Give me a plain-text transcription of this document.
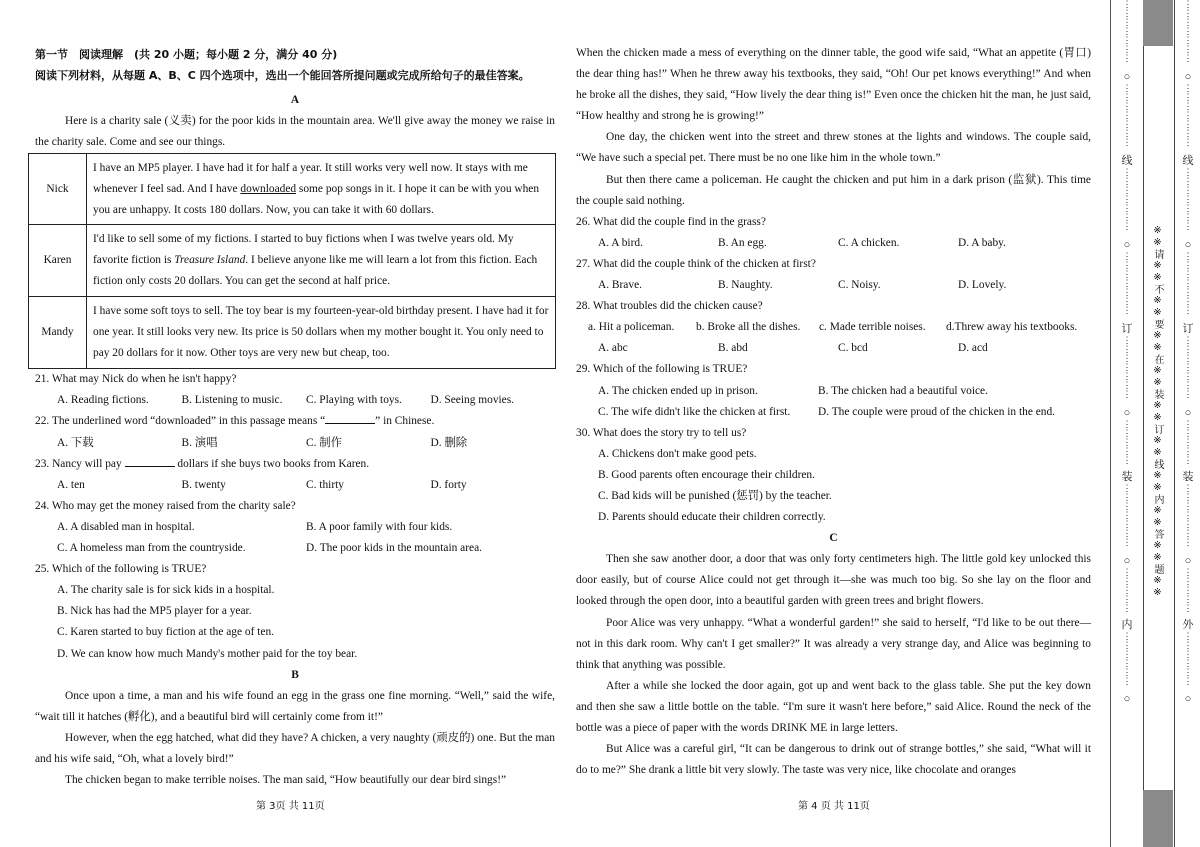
第一节　阅读理解　(共 20 小题；每小题 2 分，满分 40 分)
阅读下列材料，从每题 A、B、C 四个选项中，选出一个能回答所提问题或完成所给句子的最佳答案。

A

Here is a charity sale (义卖) for the poor kids in the mountain area. We'll give away the money we raise in the charity sale. Come and see our things.

Nick	I have an MP5 player. I have had it for half a year. It still works very well now. It stays with me whenever I feel sad. And I have downloaded some pop songs in it. I hope it can be with you when you are unhappy. It costs 180 dollars. Now, you can take it with 60 dollars.
Karen	I'd like to sell some of my fictions. I started to buy fictions when I was twelve years old. My favorite fiction is Treasure Island. I believe anyone like me will learn a lot from this fiction. Each fiction only costs 20 dollars. You can get the second at half price.
Mandy	I have some soft toys to sell. The toy bear is my fourteen-year-old birthday present. I have had it for one year. It still looks very new. Its price is 50 dollars when my mother bought it. You only need to pay 20 dollars for it now. Other toys are very new but cheap, too.

21. What may Nick do when he isn't happy?

A. Reading fictions.	B. Listening to music.	C. Playing with toys.	D. Seeing movies.

22. The underlined word “downloaded” in this passage means “	” in Chinese.

A. 下载	B. 演唱	C. 制作	D. 删除

23. Nancy will pay	dollars if she buys two books from Karen.

A. ten	B. twenty	C. thirty	D. forty

24. Who may get the money raised from the charity sale?

A. A disabled man in hospital.	B. A poor family with four kids.
C. A homeless man from the countryside.	D. The poor kids in the mountain area.

25. Which of the following is TRUE?

A. The charity sale is for sick kids in a hospital.
B. Nick has had the MP5 player for a year.
C. Karen started to buy fiction at the age of ten.
D. We can know how much Mandy's mother paid for the toy bear.

B

Once upon a time, a man and his wife found an egg in the grass one fine morning. “Well,” said the wife, “wait till it hatches (孵化), and a beautiful bird will certainly come from it!”

However, when the egg hatched, what did they have? A chicken, a very naughty (顽皮的) one. But the man and his wife said, “Oh, what a lovely bird!”

The chicken began to make terrible noises. The man said, “How beautifully our dear bird sings!”

When the chicken made a mess of everything on the dinner table, the good wife said, “What an appetite (胃口) the dear thing has!” When he threw away his textbooks, they said, “Oh! Our pet knows everything!” And when he broke all the dishes, they said, “How lively the dear thing is!” Even once the chicken hit the man, he just said, “How healthy and strong he is growing!”

One day, the chicken went into the street and threw stones at the lights and windows. The couple said, “We have such a special pet. There must be no one like him in the whole town.”

But then there came a policeman. He caught the chicken and put him in a dark prison (监狱). This time the couple said nothing.

26. What did the couple find in the grass?

A. A bird.	B. An egg.	C. A chicken.	D. A baby.

27. What did the couple think of the chicken at first?

A. Brave.	B. Naughty.	C. Noisy.	D. Lovely.

28. What troubles did the chicken cause?

a. Hit a policeman.	b. Broke all the dishes.	c. Made terrible noises.	d.Threw away his textbooks.
A. abc	B. abd	C. bcd	D. acd

29. Which of the following is TRUE?

A. The chicken ended up in prison.	B. The chicken had a beautiful voice.
C. The wife didn't like the chicken at first.	D. The couple were proud of the chicken in the end.

30. What does the story try to tell us?

A. Chickens don't make good pets.
B. Good parents often encourage their children.
C. Bad kids will be punished (惩罚) by the teacher.
D. Parents should educate their children correctly.

C

Then she saw another door, a door that was only forty centimeters high. The little gold key unlocked this door easily, but of course Alice could not get through it—she was much too big. So she lay on the floor and looked through the open door, into a beautiful garden with green trees and bright flowers.

Poor Alice was very unhappy. “What a wonderful garden!” she said to herself, “I'd like to be out there—not in this dark room. Why can't I get smaller?” It was already a very strange day, and Alice was beginning to think that anything was possible.

After a while she locked the door again, got up and went back to the glass table. She put the key down and then she saw a little bottle on the table. “I'm sure it wasn't here before,” said Alice. Round the neck of the bottle was a piece of paper with the words DRINK ME in large letters.

But Alice was a careful girl, “It can be dangerous to drink out of strange bottles,” she said, “What will it do to me?” She drank a little bit very slowly. The taste was very nice, like chocolate and oranges

第 3页 共 11页	第 4 页 共 11页
※※请※※不※※要※※在※※装※※订※※线※※内※※答※※题※※
⋮
⋮
⋮
⋮
⋮
⋮
⋮
○
⋮
⋮
⋮
⋮
⋮
⋮
⋮
线
⋮
⋮
⋮
⋮
⋮
⋮
⋮
○
⋮
⋮
⋮
⋮
⋮
⋮
⋮
订
⋮
⋮
⋮
⋮
⋮
⋮
⋮
○
⋮
⋮
⋮
⋮
⋮
装
⋮
⋮
⋮
⋮
⋮
⋮
⋮
○
⋮
⋮
⋮
⋮
⋮
内
⋮
⋮
⋮
⋮
⋮
⋮
○
⋮
⋮
⋮
⋮
⋮
⋮
⋮
○
⋮
⋮
⋮
⋮
⋮
⋮
⋮
线
⋮
⋮
⋮
⋮
⋮
⋮
⋮
○
⋮
⋮
⋮
⋮
⋮
⋮
⋮
订
⋮
⋮
⋮
⋮
⋮
⋮
⋮
○
⋮
⋮
⋮
⋮
⋮
装
⋮
⋮
⋮
⋮
⋮
⋮
⋮
○
⋮
⋮
⋮
⋮
⋮
外
⋮
⋮
⋮
⋮
⋮
⋮
○
